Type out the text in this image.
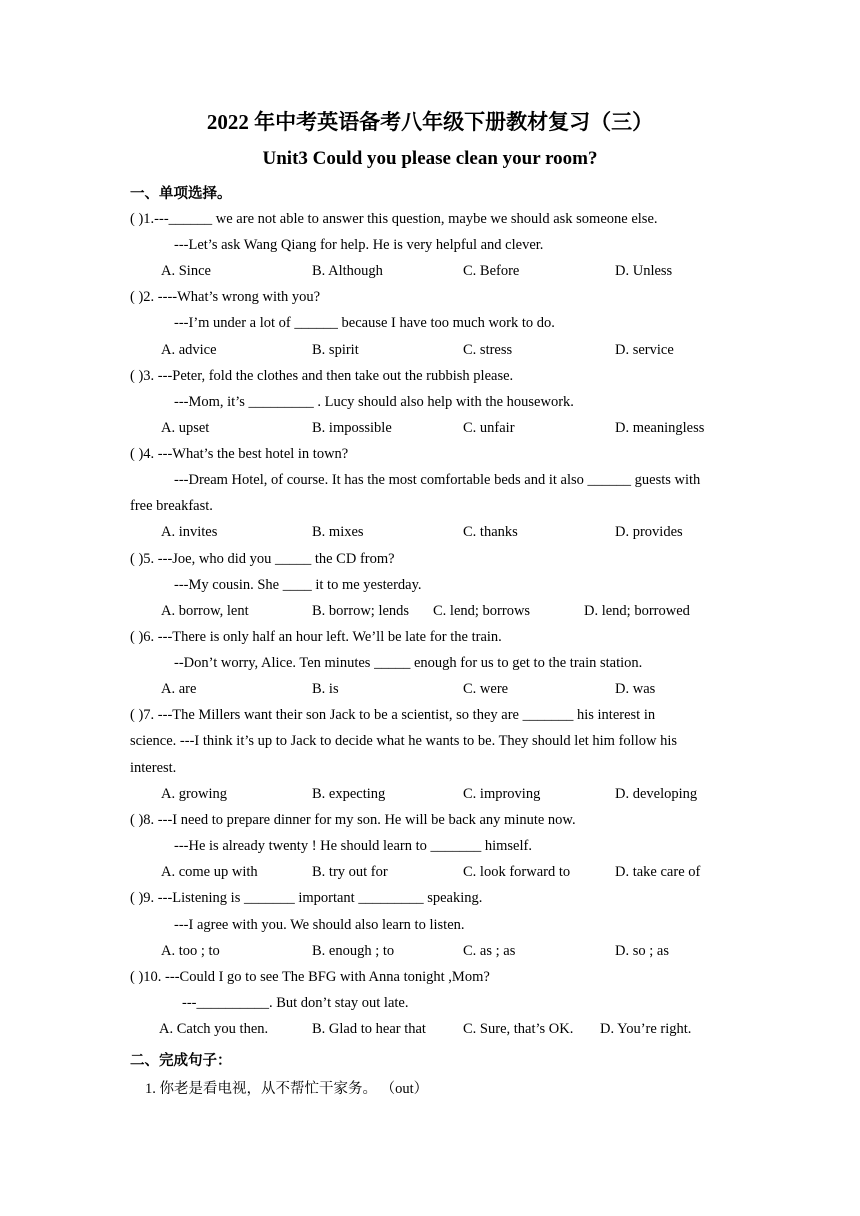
2022 年中考英语备考八年级下册教材复习（三）
Unit3 Could you please clean your room?
一、单项选择。
( )1.---______ we are not able to answer this question, maybe we should ask someone else.
---Let’s ask Wang Qiang for help. He is very helpful and clever.
A. Since	B. Although	C. Before	D. Unless
( )2. ----What’s wrong with you?
---I’m under a lot of ______ because I have too much work to do.
A. advice	B. spirit	C. stress	D. service
( )3. ---Peter, fold the clothes and then take out the rubbish please.
---Mom, it’s _________ . Lucy should also help with the housework.
A. upset	B. impossible	C. unfair	D. meaningless
( )4. ---What’s the best hotel in town?
---Dream Hotel, of course. It has the most comfortable beds and it also ______ guests with
free breakfast.
A. invites	B. mixes	C. thanks	D. provides
( )5. ---Joe, who did you _____ the CD from?
---My cousin. She ____ it to me yesterday.
A. borrow, lent	B. borrow; lends C. lend; borrows	D. lend; borrowed
( )6. ---There is only half an hour left. We’ll be late for the train.
--Don’t worry, Alice. Ten minutes _____ enough for us to get to the train station.
A. are	B. is	C. were	D. was
( )7. ---The Millers want their son Jack to be a scientist, so they are _______ his interest in
science. ---I think it’s up to Jack to decide what he wants to be. They should let him follow his
interest.
A. growing	B. expecting	C. improving	D. developing
( )8. ---I need to prepare dinner for my son. He will be back any minute now.
---He is already twenty ! He should learn to _______ himself.
A. come up with	B. try out for	C. look forward to	D. take care of
( )9. ---Listening is _______ important _________ speaking.
---I agree with you. We should also learn to listen.
A. too ; to	B. enough ; to	C. as ; as	D. so ; as
( )10. ---Could I go to see The BFG with Anna tonight ,Mom?
---__________. But don’t stay out late.
A. Catch you then.	B. Glad to hear that	C. Sure, that’s OK. D. You’re right.
二、完成句子：
1. 你老是看电视，从不帮忙干家务。 （out）
